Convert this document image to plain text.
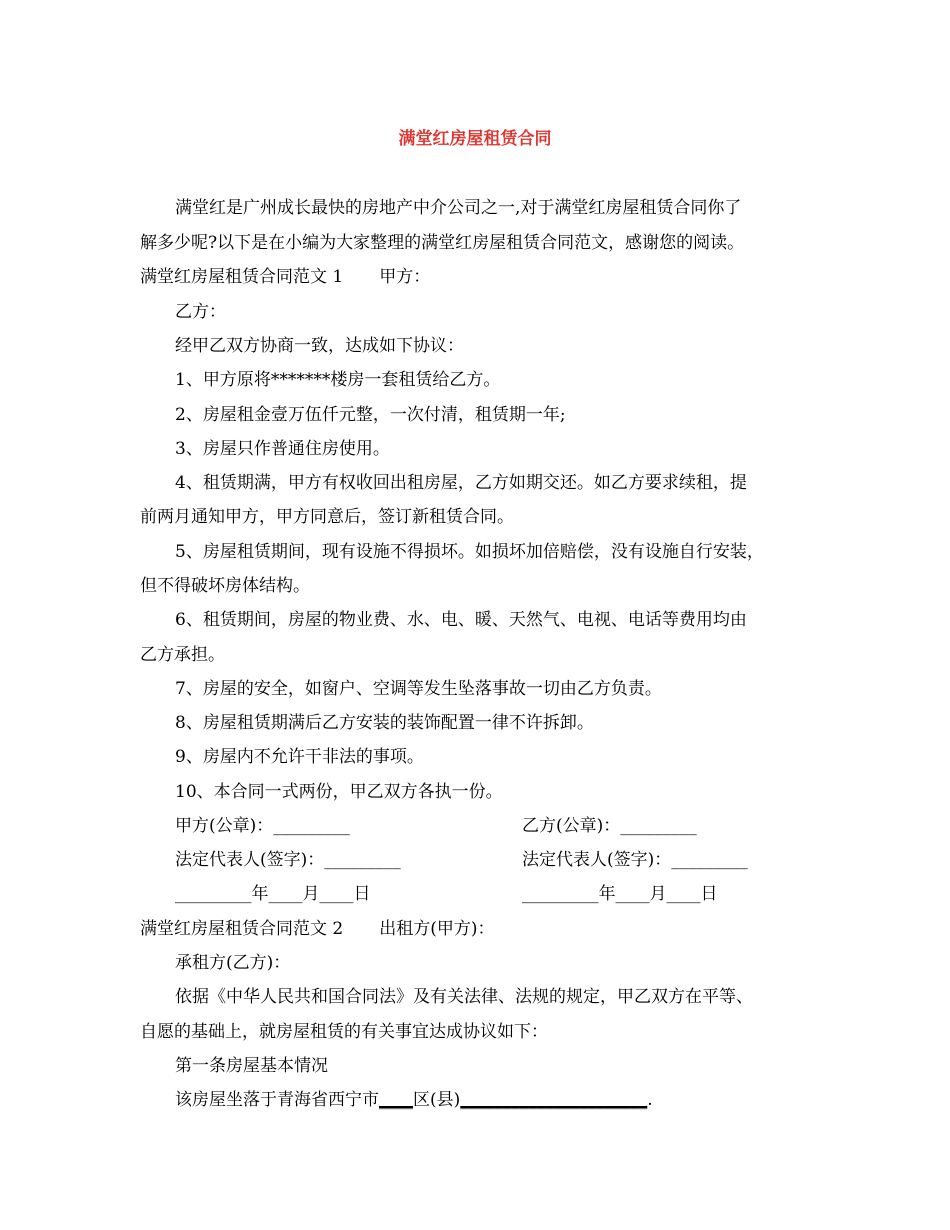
满堂红房屋租赁合同
满堂红是广州成长最快的房地产中介公司之一,对于满堂红房屋租赁合同你了
解多少呢?以下是在小编为大家整理的满堂红房屋租赁合同范文，感谢您的阅读。
满堂红房屋租赁合同范文 1 甲方：
乙方：
经甲乙双方协商一致，达成如下协议：
1、甲方原将*******楼房一套租赁给乙方。
2、房屋租金壹万伍仟元整，一次付清，租赁期一年;
3、房屋只作普通住房使用。
4、租赁期满，甲方有权收回出租房屋，乙方如期交还。如乙方要求续租，提
前两月通知甲方，甲方同意后，签订新租赁合同。
5、房屋租赁期间，现有设施不得损坏。如损坏加倍赔偿，没有设施自行安装，
但不得破坏房体结构。
6、租赁期间，房屋的物业费、水、电、暖、天然气、电视、电话等费用均由
乙方承担。
7、房屋的安全，如窗户、空调等发生坠落事故一切由乙方负责。
8、房屋租赁期满后乙方安装的装饰配置一律不许拆卸。
9、房屋内不允许干非法的事项。
10、本合同一式两份，甲乙双方各执一份。
甲方(公章)：_________	乙方(公章)：_________
法定代表人(签字)：_________	法定代表人(签字)：_________
_________年____月____日	_________年____月____日
满堂红房屋租赁合同范文 2 出租方(甲方)：
承租方(乙方)：
依据《中华人民共和国合同法》及有关法律、法规的规定，甲乙双方在平等、
自愿的基础上，就房屋租赁的有关事宜达成协议如下：
第一条房屋基本情况
该房屋坐落于青海省西宁市____区(县)______________________.
